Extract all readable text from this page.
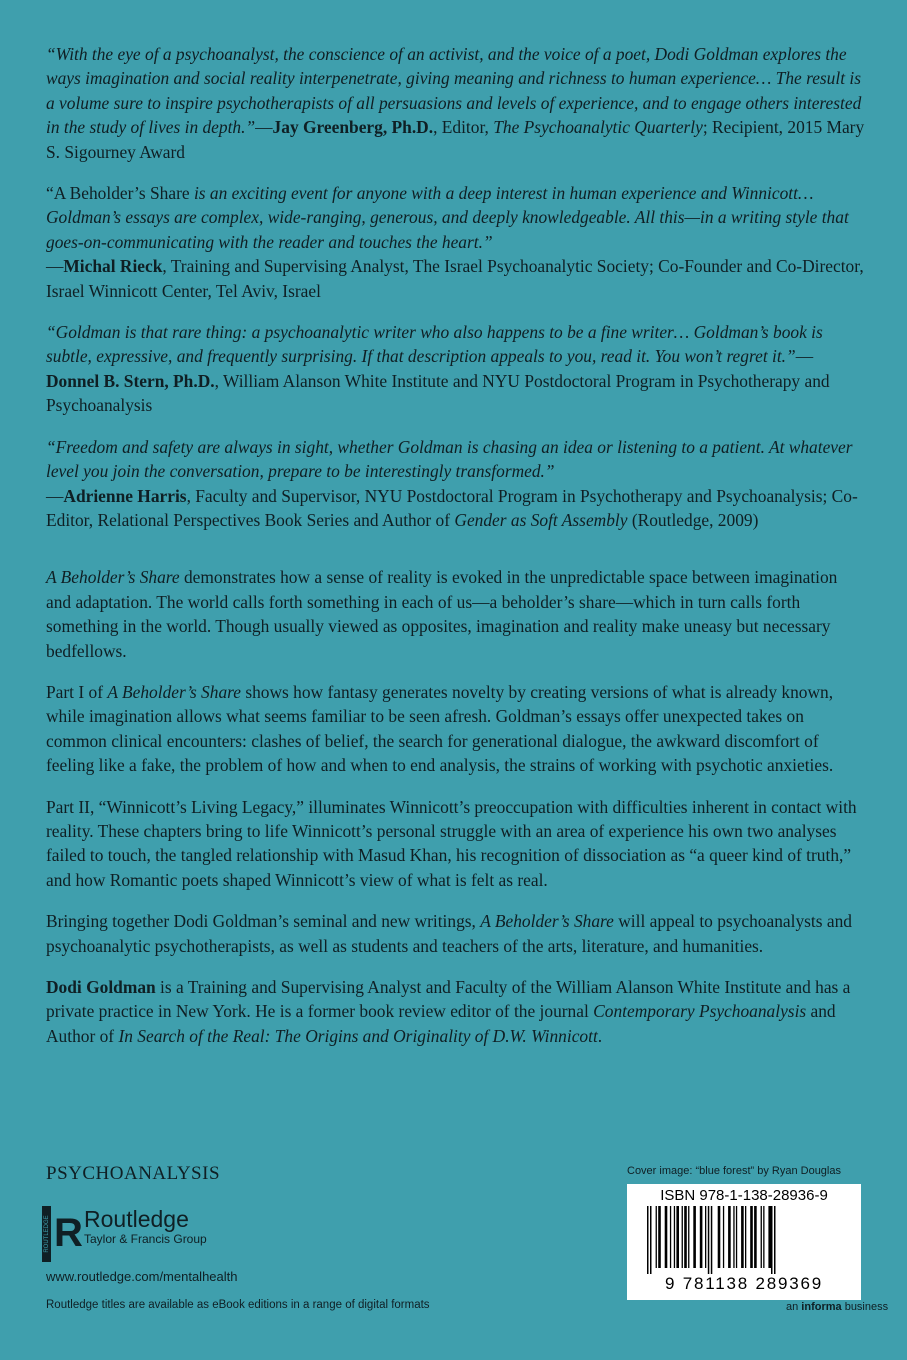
“With the eye of a psychoanalyst, the conscience of an activist, and the voice of a poet, Dodi Goldman explores the ways imagination and social reality interpenetrate, giving meaning and richness to human experience… The result is a volume sure to inspire psychotherapists of all persuasions and levels of experience, and to engage others interested in the study of lives in depth.”—Jay Greenberg, Ph.D., Editor, The Psychoanalytic Quarterly; Recipient, 2015 Mary S. Sigourney Award

“A Beholder’s Share is an exciting event for anyone with a deep interest in human experience and Winnicott… Goldman’s essays are complex, wide-ranging, generous, and deeply knowledgeable. All this—in a writing style that goes-on-communicating with the reader and touches the heart.”
—Michal Rieck, Training and Supervising Analyst, The Israel Psychoanalytic Society; Co-Founder and Co-Director, Israel Winnicott Center, Tel Aviv, Israel

“Goldman is that rare thing: a psychoanalytic writer who also happens to be a fine writer… Goldman’s book is subtle, expressive, and frequently surprising. If that description appeals to you, read it. You won’t regret it.”—Donnel B. Stern, Ph.D., William Alanson White Institute and NYU Postdoctoral Program in Psychotherapy and Psychoanalysis

“Freedom and safety are always in sight, whether Goldman is chasing an idea or listening to a patient. At whatever level you join the conversation, prepare to be interestingly transformed.”
—Adrienne Harris, Faculty and Supervisor, NYU Postdoctoral Program in Psychotherapy and Psychoanalysis; Co-Editor, Relational Perspectives Book Series and Author of Gender as Soft Assembly (Routledge, 2009)

A Beholder’s Share demonstrates how a sense of reality is evoked in the unpredictable space between imagination and adaptation. The world calls forth something in each of us—a beholder’s share—which in turn calls forth something in the world. Though usually viewed as opposites, imagination and reality make uneasy but necessary bedfellows.

Part I of A Beholder’s Share shows how fantasy generates novelty by creating versions of what is already known, while imagination allows what seems familiar to be seen afresh. Goldman’s essays offer unexpected takes on common clinical encounters: clashes of belief, the search for generational dialogue, the awkward discomfort of feeling like a fake, the problem of how and when to end analysis, the strains of working with psychotic anxieties.

Part II, “Winnicott’s Living Legacy,” illuminates Winnicott’s preoccupation with difficulties inherent in contact with reality. These chapters bring to life Winnicott’s personal struggle with an area of experience his own two analyses failed to touch, the tangled relationship with Masud Khan, his recognition of dissociation as “a queer kind of truth,” and how Romantic poets shaped Winnicott’s view of what is felt as real.

Bringing together Dodi Goldman’s seminal and new writings, A Beholder’s Share will appeal to psychoanalysts and psychoanalytic psychotherapists, as well as students and teachers of the arts, literature, and humanities.

Dodi Goldman is a Training and Supervising Analyst and Faculty of the William Alanson White Institute and has a private practice in New York. He is a former book review editor of the journal Contemporary Psychoanalysis and Author of In Search of the Real: The Origins and Originality of D.W. Winnicott.

PSYCHOANALYSIS
ROUTLEDGE R Routledge
Taylor & Francis Group
www.routledge.com/mentalhealth
Routledge titles are available as eBook editions in a range of digital formats
Cover image: “blue forest” by Ryan Douglas
ISBN 978-1-138-28936-9
9 781138 289369
an informa business
